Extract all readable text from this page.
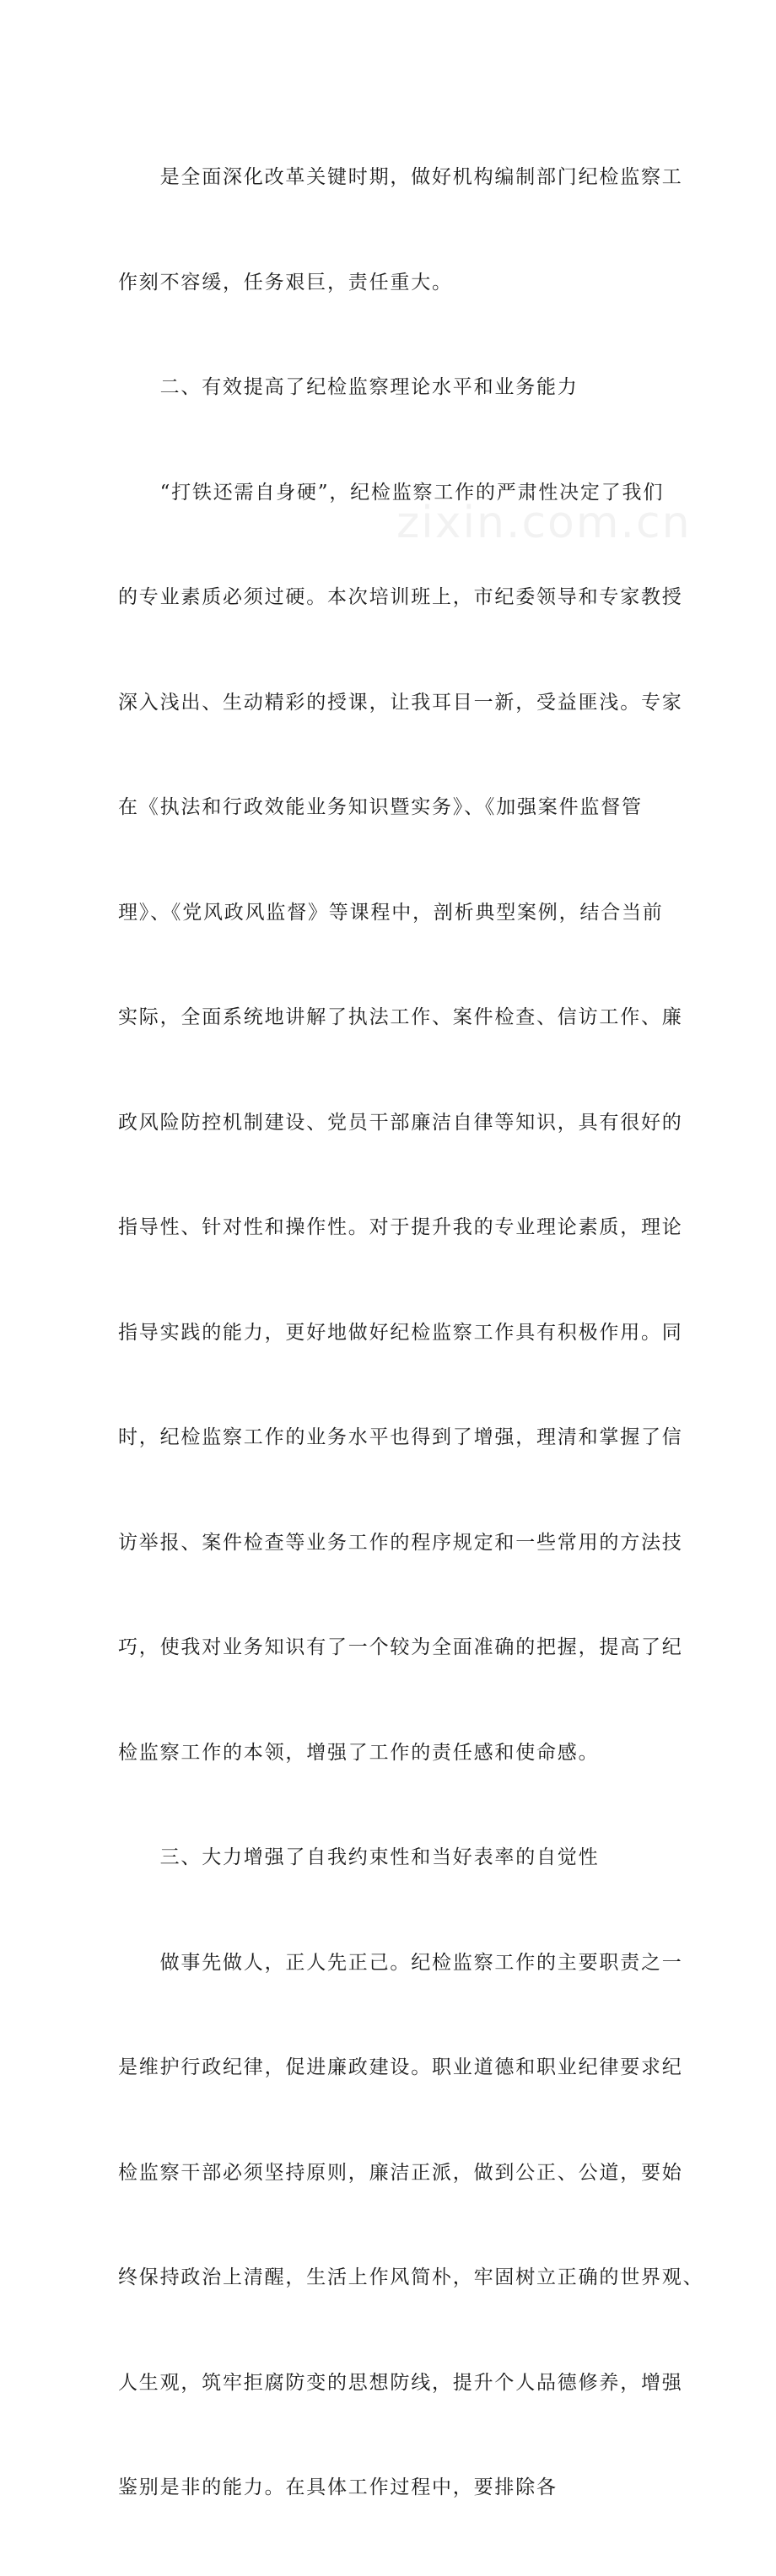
zixin.com.cn

　　是全面深化改革关键时期，做好机构编制部门纪检监察工

作刻不容缓，任务艰巨，责任重大。

　　二、有效提高了纪检监察理论水平和业务能力

　　“打铁还需自身硬”，纪检监察工作的严肃性决定了我们

的专业素质必须过硬。本次培训班上，市纪委领导和专家教授

深入浅出、生动精彩的授课，让我耳目一新，受益匪浅。专家

在《执法和行政效能业务知识暨实务》、《加强案件监督管

理》、《党风政风监督》等课程中，剖析典型案例，结合当前

实际，全面系统地讲解了执法工作、案件检查、信访工作、廉

政风险防控机制建设、党员干部廉洁自律等知识，具有很好的

指导性、针对性和操作性。对于提升我的专业理论素质，理论

指导实践的能力，更好地做好纪检监察工作具有积极作用。同

时，纪检监察工作的业务水平也得到了增强，理清和掌握了信

访举报、案件检查等业务工作的程序规定和一些常用的方法技

巧，使我对业务知识有了一个较为全面准确的把握，提高了纪

检监察工作的本领，增强了工作的责任感和使命感。

　　三、大力增强了自我约束性和当好表率的自觉性

　　做事先做人，正人先正己。纪检监察工作的主要职责之一

是维护行政纪律，促进廉政建设。职业道德和职业纪律要求纪

检监察干部必须坚持原则，廉洁正派，做到公正、公道，要始

终保持政治上清醒，生活上作风简朴，牢固树立正确的世界观、

人生观，筑牢拒腐防变的思想防线，提升个人品德修养，增强

鉴别是非的能力。在具体工作过程中，要排除各
